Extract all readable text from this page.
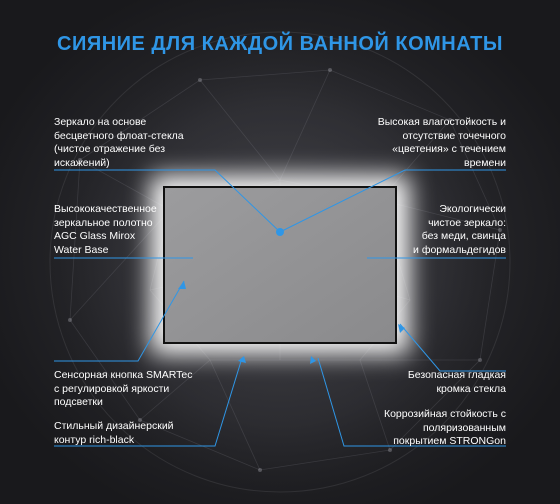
СИЯНИЕ ДЛЯ КАЖДОЙ ВАННОЙ КОМНАТЫ
Зеркало на основе
бесцветного флоат-стекла
(чистое отражение без
искажений)
Высококачественное
зеркальное полотно
AGC Glass Mirox
Water Base
Сенсорная кнопка SMARTec
с регулировкой яркости
подсветки
Стильный дизайнерский
контур rich-black
Высокая влагостойкость и
отсутствие точечного
«цветения» с течением
времени
Экологически
чистое зеркало:
без меди, свинца
и формальдегидов
Безопасная гладкая
кромка стекла
Коррозийная стойкость с
поляризованным
покрытием STRONGon
